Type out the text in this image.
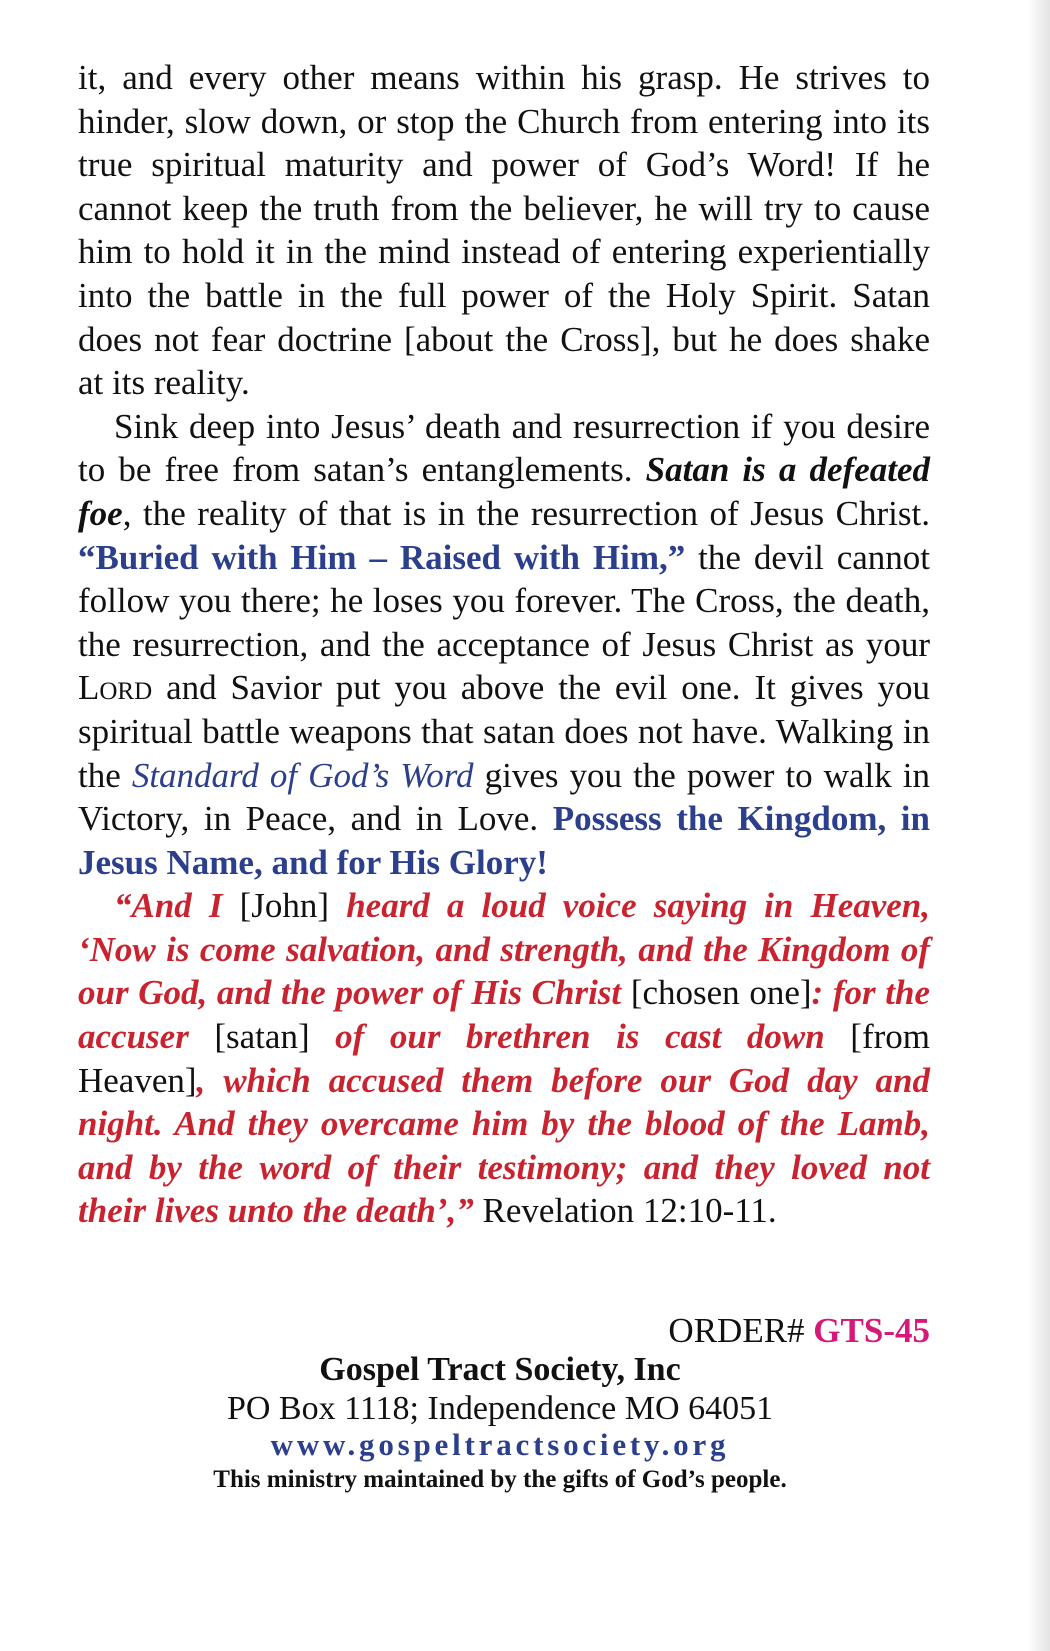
it, and every other means within his grasp. He strives to hinder, slow down, or stop the Church from entering into its true spiritual maturity and power of God’s Word! If he cannot keep the truth from the believer, he will try to cause him to hold it in the mind instead of entering experientially into the battle in the full power of the Holy Spirit. Satan does not fear doctrine [about the Cross], but he does shake at its reality.

Sink deep into Jesus’ death and resurrection if you desire to be free from satan’s entanglements. Satan is a defeated foe, the reality of that is in the resurrection of Jesus Christ. “Buried with Him – Raised with Him,” the devil cannot follow you there; he loses you forever. The Cross, the death, the resurrection, and the acceptance of Jesus Christ as your Lord and Savior put you above the evil one. It gives you spiritual battle weapons that satan does not have. Walking in the Standard of God’s Word gives you the power to walk in Victory, in Peace, and in Love. Possess the Kingdom, in Jesus Name, and for His Glory!

“And I [John] heard a loud voice saying in Heaven, ‘Now is come salvation, and strength, and the Kingdom of our God, and the power of His Christ [chosen one]: for the accuser [satan] of our brethren is cast down [from Heaven], which accused them before our God day and night. And they overcame him by the blood of the Lamb, and by the word of their testimony; and they loved not their lives unto the death’,” Revelation 12:10-11.

ORDER# GTS-45
Gospel Tract Society, Inc
PO Box 1118; Independence MO 64051
www.gospeltractsociety.org
This ministry maintained by the gifts of God’s people.
